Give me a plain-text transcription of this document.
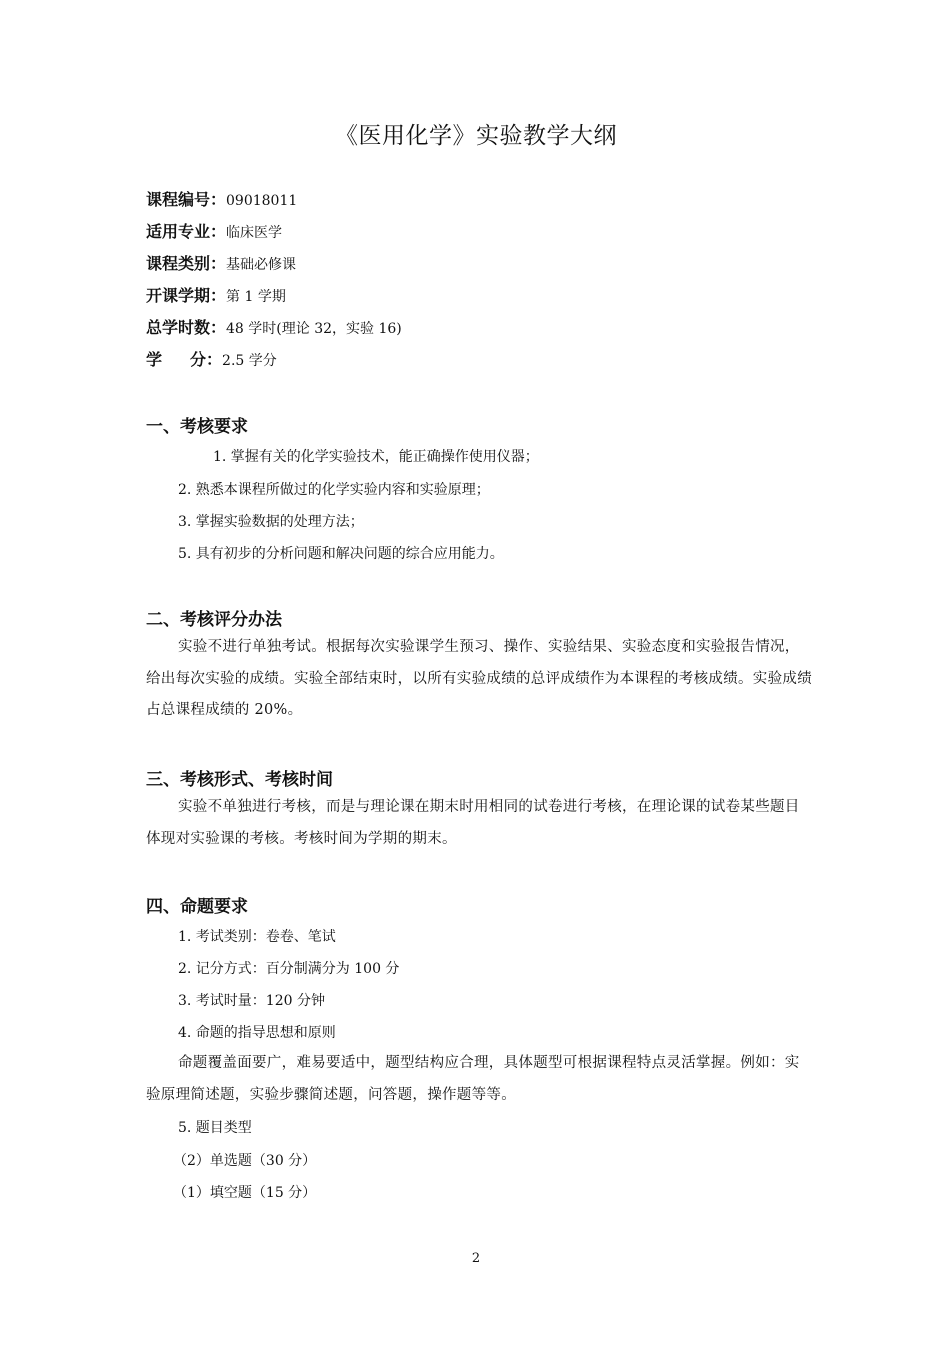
《医用化学》实验教学大纲
课程编号：09018011
适用专业：临床医学
课程类别：基础必修课
开课学期：第 1 学期
总学时数：48 学时(理论 32，实验 16)
学分：2.5 学分
一、考核要求
1. 掌握有关的化学实验技术，能正确操作使用仪器；
2. 熟悉本课程所做过的化学实验内容和实验原理；
3. 掌握实验数据的处理方法；
5. 具有初步的分析问题和解决问题的综合应用能力。
二、考核评分办法
实验不进行单独考试。根据每次实验课学生预习、操作、实验结果、实验态度和实验报告情况，给出每次实验的成绩。实验全部结束时，以所有实验成绩的总评成绩作为本课程的考核成绩。实验成绩占总课程成绩的 20%。
三、考核形式、考核时间
实验不单独进行考核，而是与理论课在期末时用相同的试卷进行考核，在理论课的试卷某些题目体现对实验课的考核。考核时间为学期的期末。
四、命题要求
1. 考试类别：卷卷、笔试
2. 记分方式：百分制满分为 100 分
3. 考试时量：120 分钟
4. 命题的指导思想和原则
命题覆盖面要广，难易要适中，题型结构应合理，具体题型可根据课程特点灵活掌握。例如：实验原理简述题，实验步骤简述题，问答题，操作题等等。
5. 题目类型
（2）单选题（30 分）
（1）填空题（15 分）
2
